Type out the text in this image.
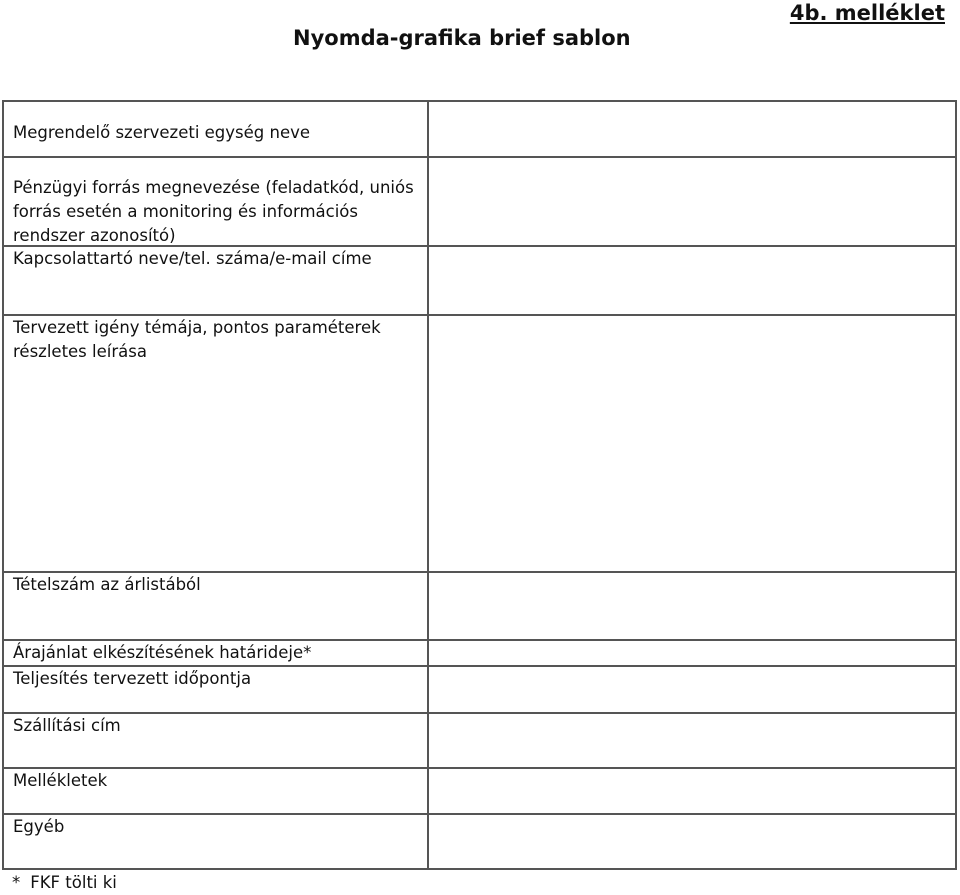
4b. melléklet
Nyomda-grafika brief sablon
Megrendelő szervezeti egység neve
Pénzügyi forrás megnevezése (feladatkód, uniós forrás esetén a monitoring és információs rendszer azonosító)
Kapcsolattartó neve/tel. száma/e-mail címe
Tervezett igény témája, pontos paraméterek részletes leírása
Tételszám az árlistából
Árajánlat elkészítésének határideje*
Teljesítés tervezett időpontja
Szállítási cím
Mellékletek
Egyéb
* FKF tölti ki
